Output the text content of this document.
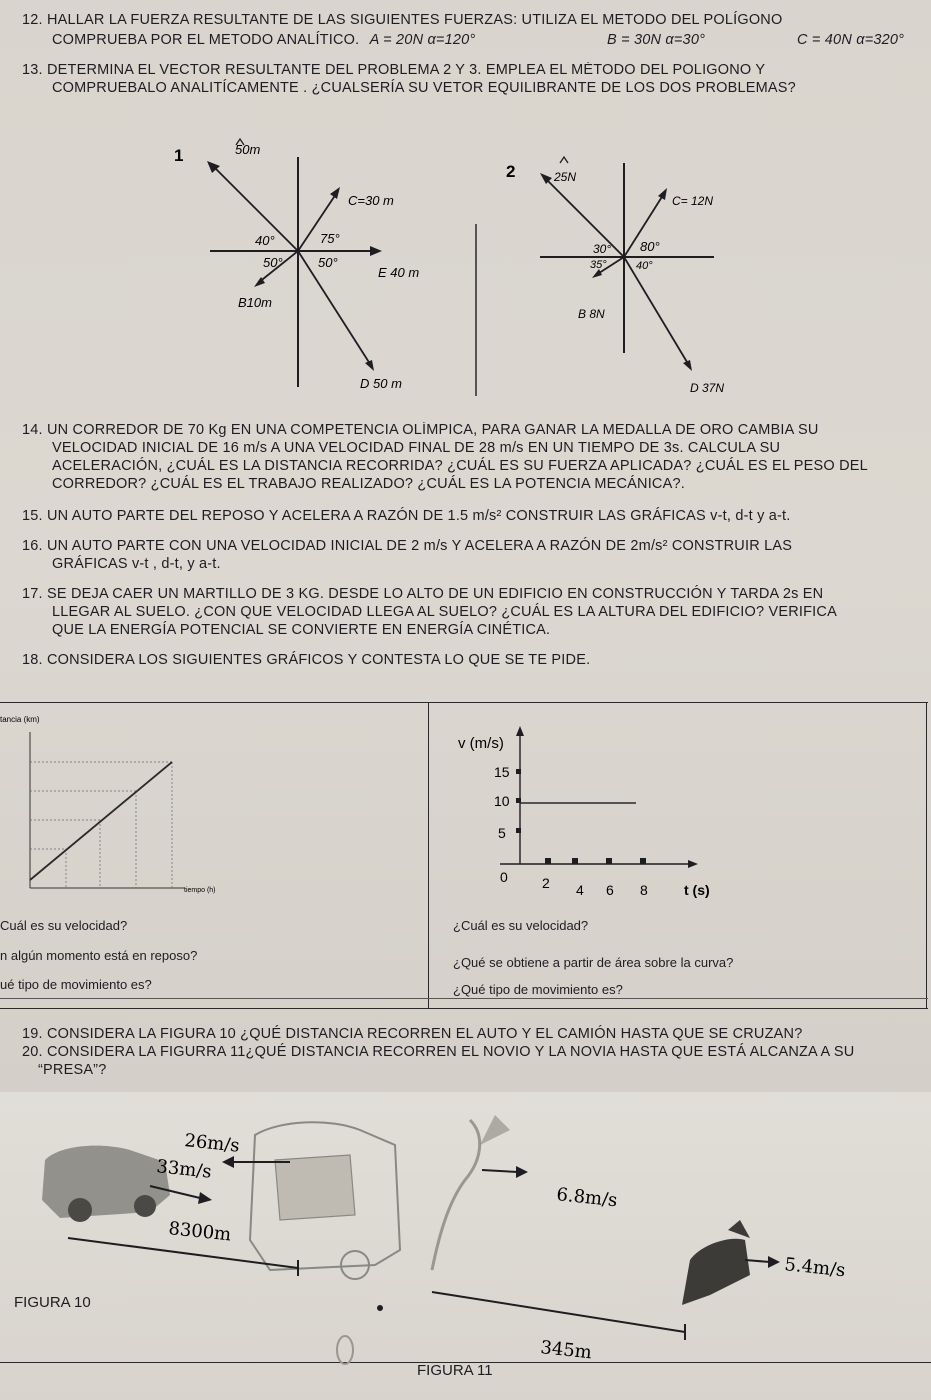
12. HALLAR LA FUERZA RESULTANTE DE LAS SIGUIENTES FUERZAS: UTILIZA EL METODO DEL POLÍGONO
COMPRUEBA POR EL METODO ANALÍTICO. A = 20N α=120°	B = 30N α=30°	C = 40N α=320°
13. DETERMINA EL VECTOR RESULTANTE DEL PROBLEMA 2 Y 3. EMPLEA EL MÉTODO DEL POLIGONO Y
COMPRUEBALO ANALITÍCAMENTE . ¿CUALSERÍA SU VETOR EQUILIBRANTE DE LOS DOS PROBLEMAS?
1	50m
C=30 m
40°	75°
50°	50°
E 40 m
B10m
D 50 m
2	25N
C= 12N
30° 80°
35°	40°
B 8N
D 37N
14. UN CORREDOR DE 70 Kg EN UNA COMPETENCIA OLÍMPICA, PARA GANAR LA MEDALLA DE ORO CAMBIA SU
VELOCIDAD INICIAL DE 16 m/s A UNA VELOCIDAD FINAL DE 28 m/s EN UN TIEMPO DE 3s. CALCULA SU
ACELERACIÓN, ¿CUÁL ES LA DISTANCIA RECORRIDA? ¿CUÁL ES SU FUERZA APLICADA? ¿CUÁL ES EL PESO DEL
CORREDOR? ¿CUÁL ES EL TRABAJO REALIZADO? ¿CUÁL ES LA POTENCIA MECÁNICA?.
15. UN AUTO PARTE DEL REPOSO Y ACELERA A RAZÓN DE 1.5 m/s² CONSTRUIR LAS GRÁFICAS v-t, d-t y a-t.
16. UN AUTO PARTE CON UNA VELOCIDAD INICIAL DE 2 m/s Y ACELERA A RAZÓN DE 2m/s² CONSTRUIR LAS
GRÁFICAS v-t , d-t, y a-t.
17. SE DEJA CAER UN MARTILLO DE 3 KG. DESDE LO ALTO DE UN EDIFICIO EN CONSTRUCCIÓN Y TARDA 2s EN
LLEGAR AL SUELO. ¿CON QUE VELOCIDAD LLEGA AL SUELO? ¿CUÁL ES LA ALTURA DEL EDIFICIO? VERIFICA
QUE LA ENERGÍA POTENCIAL SE CONVIERTE EN ENERGÍA CINÉTICA.
18. CONSIDERA LOS SIGUIENTES GRÁFICOS Y CONTESTA LO QUE SE TE PIDE.
tancia (km)
tiempo (h)
Cuál es su velocidad?
n algún momento está en reposo?
ué tipo de movimiento es?
v (m/s)
15
10
5
0 2 4 6 8	t (s)
¿Cuál es su velocidad?
¿Qué se obtiene a partir de área sobre la curva?
¿Qué tipo de movimiento es?
19. CONSIDERA LA FIGURA 10 ¿QUÉ DISTANCIA RECORREN EL AUTO Y EL CAMIÓN HASTA QUE SE CRUZAN?
20. CONSIDERA LA FIGURRA 11¿QUÉ DISTANCIA RECORREN EL NOVIO Y LA NOVIA HASTA QUE ESTÁ ALCANZA A SU
“PRESA”?
26m/s
33m/s
8300m
FIGURA 10
6.8m/s
5.4m/s
345m
FIGURA 11
